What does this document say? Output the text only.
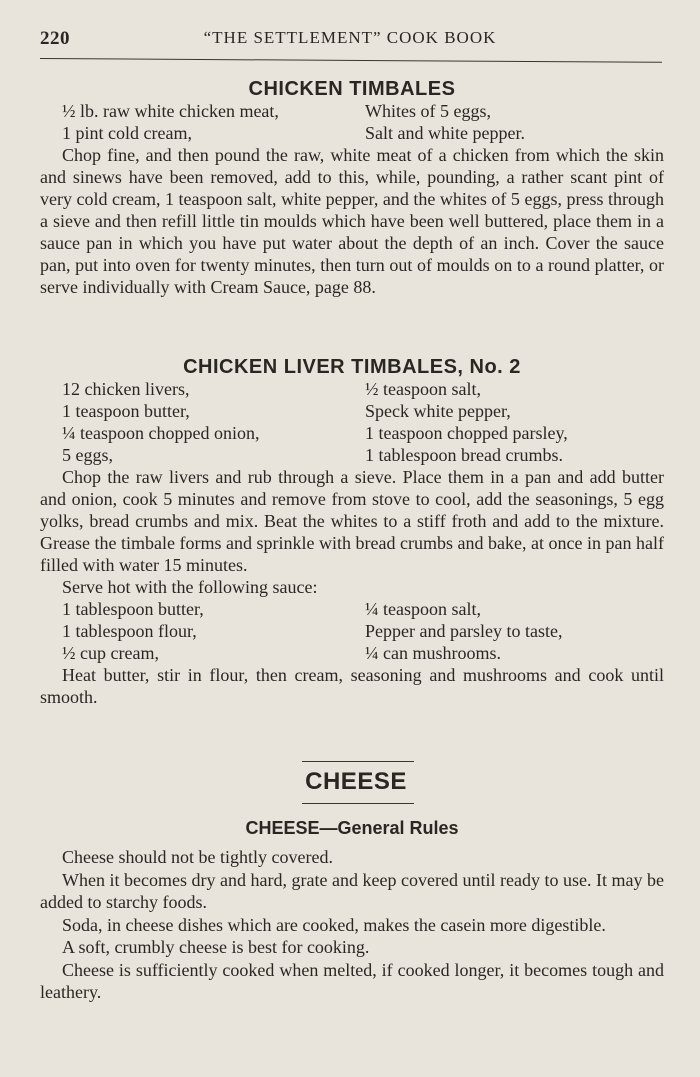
220	“THE SETTLEMENT” COOK BOOK
CHICKEN TIMBALES
½ lb. raw white chicken meat,	Whites of 5 eggs,
1 pint cold cream,	Salt and white pepper.
Chop fine, and then pound the raw, white meat of a chicken from which the skin and sinews have been removed, add to this, while, pounding, a rather scant pint of very cold cream, 1 teaspoon salt, white pepper, and the whites of 5 eggs, press through a sieve and then refill little tin moulds which have been well buttered, place them in a sauce pan in which you have put water about the depth of an inch. Cover the sauce pan, put into oven for twenty minutes, then turn out of moulds on to a round platter, or serve individually with Cream Sauce, page 88.
CHICKEN LIVER TIMBALES, No. 2
12 chicken livers,	½ teaspoon salt,
1 teaspoon butter,	Speck white pepper,
¼ teaspoon chopped onion,	1 teaspoon chopped parsley,
5 eggs,	1 tablespoon bread crumbs.
Chop the raw livers and rub through a sieve. Place them in a pan and add butter and onion, cook 5 minutes and remove from stove to cool, add the seasonings, 5 egg yolks, bread crumbs and mix. Beat the whites to a stiff froth and add to the mixture. Grease the timbale forms and sprinkle with bread crumbs and bake, at once in pan half filled with water 15 minutes.
Serve hot with the following sauce:
1 tablespoon butter,	¼ teaspoon salt,
1 tablespoon flour,	Pepper and parsley to taste,
½ cup cream,	¼ can mushrooms.
Heat butter, stir in flour, then cream, seasoning and mushrooms and cook until smooth.
CHEESE
CHEESE—General Rules
Cheese should not be tightly covered.
When it becomes dry and hard, grate and keep covered until ready to use. It may be added to starchy foods.
Soda, in cheese dishes which are cooked, makes the casein more digestible.
A soft, crumbly cheese is best for cooking.
Cheese is sufficiently cooked when melted, if cooked longer, it becomes tough and leathery.
